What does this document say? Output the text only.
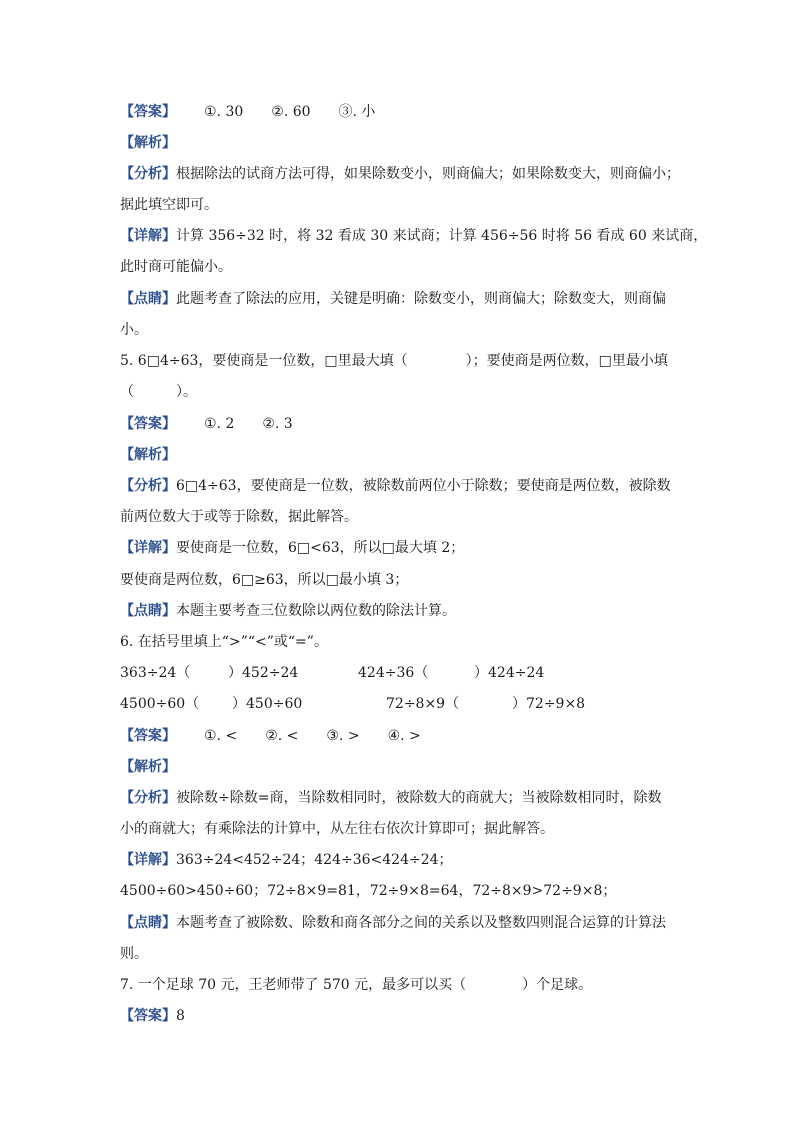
【答案】 ①. 30 ②. 60 ③. 小
【解析】
【分析】根据除法的试商方法可得，如果除数变小，则商偏大；如果除数变大，则商偏小；
据此填空即可。
【详解】计算 356÷32 时，将 32 看成 30 来试商；计算 456÷56 时将 56 看成 60 来试商，
此时商可能偏小。
【点睛】此题考查了除法的应用，关键是明确：除数变小，则商偏大；除数变大，则商偏
小。
5. 6□4÷63，要使商是一位数，□里最大填（	）；要使商是两位数，□里最小填
（	）。
【答案】 ①. 2 ②. 3
【解析】
【分析】6□4÷63，要使商是一位数，被除数前两位小于除数；要使商是两位数，被除数
前两位数大于或等于除数，据此解答。
【详解】要使商是一位数，6□<63，所以□最大填 2；
要使商是两位数，6□≥63，所以□最小填 3；
【点睛】本题主要考查三位数除以两位数的除法计算。
6. 在括号里填上“>”“<”或“=”。
363÷24（	）452÷24	424÷36（	）424÷24
4500÷60（ ）450÷60	72÷8×9（	）72÷9×8
【答案】 ①. < ②. < ③. > ④. >
【解析】
【分析】被除数÷除数=商，当除数相同时，被除数大的商就大；当被除数相同时，除数
小的商就大；有乘除法的计算中，从左往右依次计算即可；据此解答。
【详解】363÷24<452÷24；424÷36<424÷24；
4500÷60>450÷60；72÷8×9=81，72÷9×8=64，72÷8×9>72÷9×8；
【点睛】本题考查了被除数、除数和商各部分之间的关系以及整数四则混合运算的计算法
则。
7. 一个足球 70 元，王老师带了 570 元，最多可以买（	）个足球。
【答案】8
